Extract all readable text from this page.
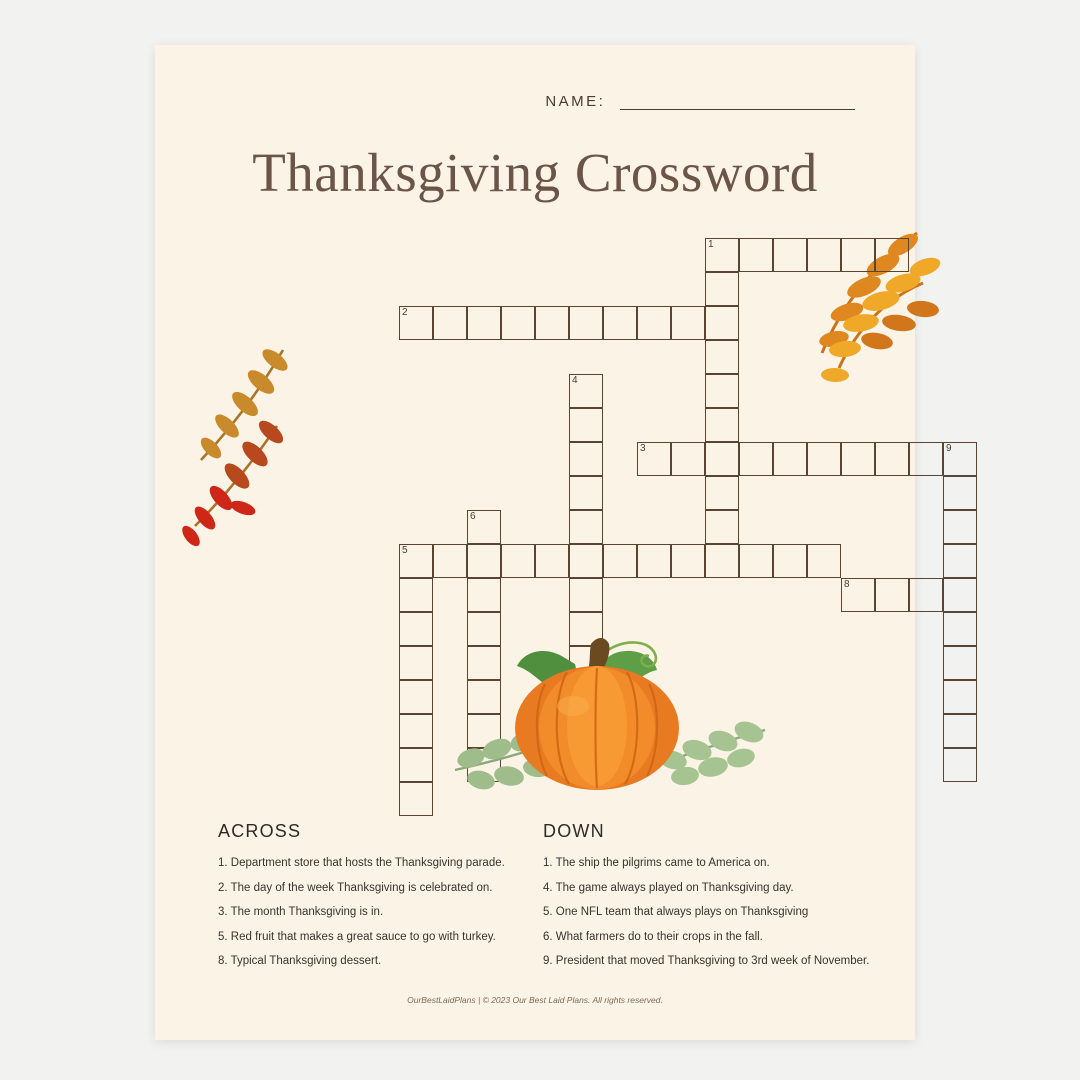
NAME:
Thanksgiving Crossword
1
2
4
3	9
6
5
8
ACROSS
1. Department store that hosts the Thanksgiving parade.
2. The day of the week Thanksgiving is celebrated on.
3. The month Thanksgiving is in.
5. Red fruit that makes a great sauce to go with turkey.
8. Typical Thanksgiving dessert.
DOWN
1. The ship the pilgrims came to America on.
4. The game always played on Thanksgiving day.
5. One NFL team that always plays on Thanksgiving
6. What farmers do to their crops in the fall.
9. President that moved Thanksgiving to 3rd week of November.
OurBestLaidPlans | © 2023 Our Best Laid Plans. All rights reserved.
